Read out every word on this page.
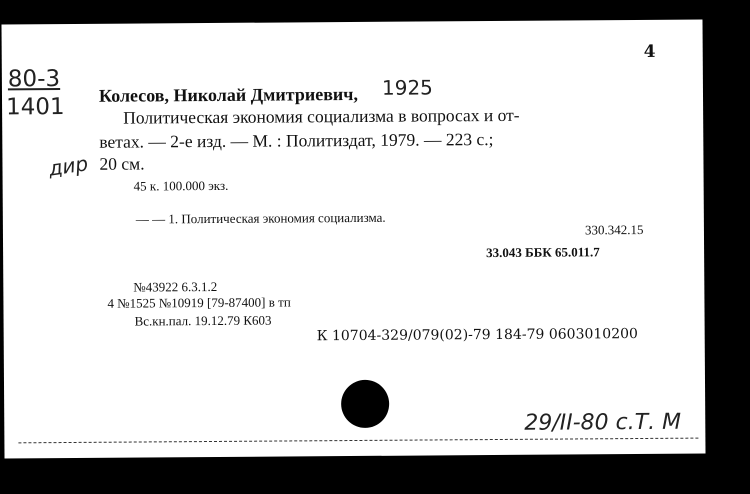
4
80-3
1401
дир
Колесов, Николай Дмитриевич, 1925
Политическая экономия социализма в вопросах и от-
ветах. — 2-е изд. — М. : Политиздат, 1979. — 223 с.;
20 см.
45 к. 100.000 экз.
— — 1. Политическая экономия социализма.
330.342.15
33.043 ББК 65.011.7
№43922 6.3.1.2
4 №1525 №10919 [79-87400] в тп
Вс.кн.пал. 19.12.79 К603
К 10704-329/079(02)-79 184-79 0603010200
29/II-80 с.Т. М
